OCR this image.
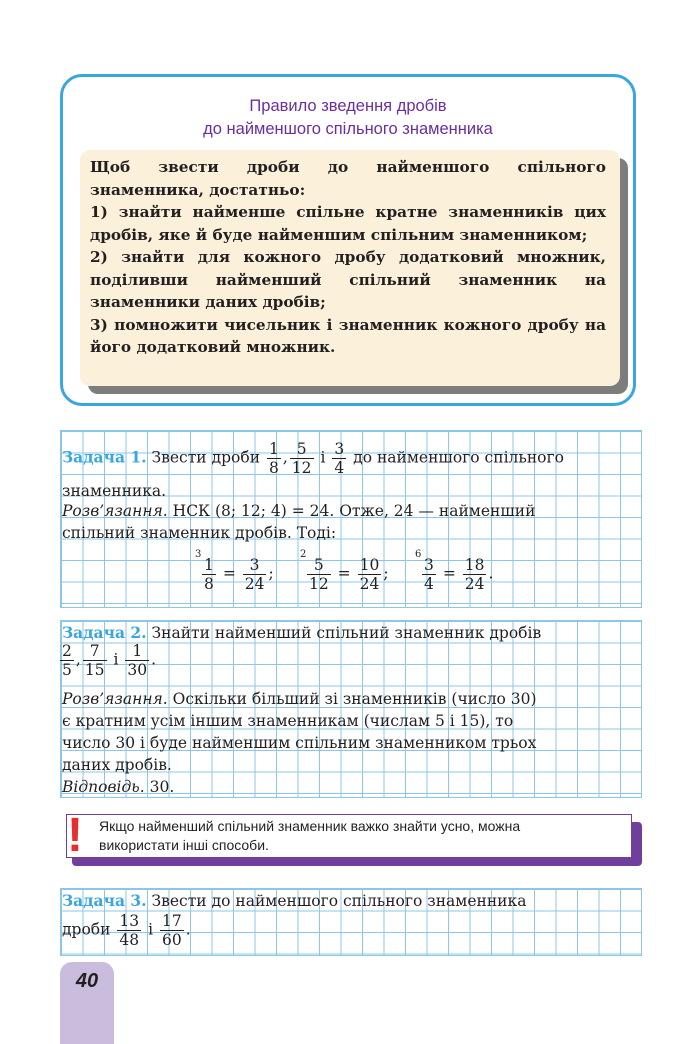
Правило зведення дробів
до найменшого спільного знаменника

Щоб звести дроби до найменшого спільного знаменника, достатньо:

1) знайти найменше спільне кратне знаменників цих дробів, яке й буде найменшим спільним знаменником;

2) знайти для кожного дробу додатковий множник, поділивши найменший спільний знаменник на знаменники даних дробів;

3) помножити чисельник і знаменник кожного дробу на його додатковий множник.

Задача 1. Звести дроби $\frac{1}{8}$ , $\frac{5}{12}$ і $\frac{3}{4}$ до найменшого спільного
знаменника.
Розв’язання. НСК (8; 12; 4) = 24. Отже, 24 — найменший
спільний знаменник дробів. Тоді:
3
1
8
= $\frac{3}{24}$ ;
2
5
12
= $\frac{10}{24}$ ;
6
3
4
= $\frac{18}{24}$ .
Задача 2. Знайти найменший спільний знаменник дробів
$\frac{2}{5}$ , $\frac{7}{15}$ і $\frac{1}{30}$ .
Розв’язання. Оскільки більший зі знаменників (число 30)
є кратним усім іншим знаменникам (числам 5 і 15), то
число 30 і буде найменшим спільним знаменником трьох
даних дробів.
Відповідь. 30.
Якщо найменший спільний знаменник важко знайти усно, можна
використати інші способи.
!
Задача 3. Звести до найменшого спільного знаменника
дроби $\frac{13}{48}$ і $\frac{17}{60}$ .
40
